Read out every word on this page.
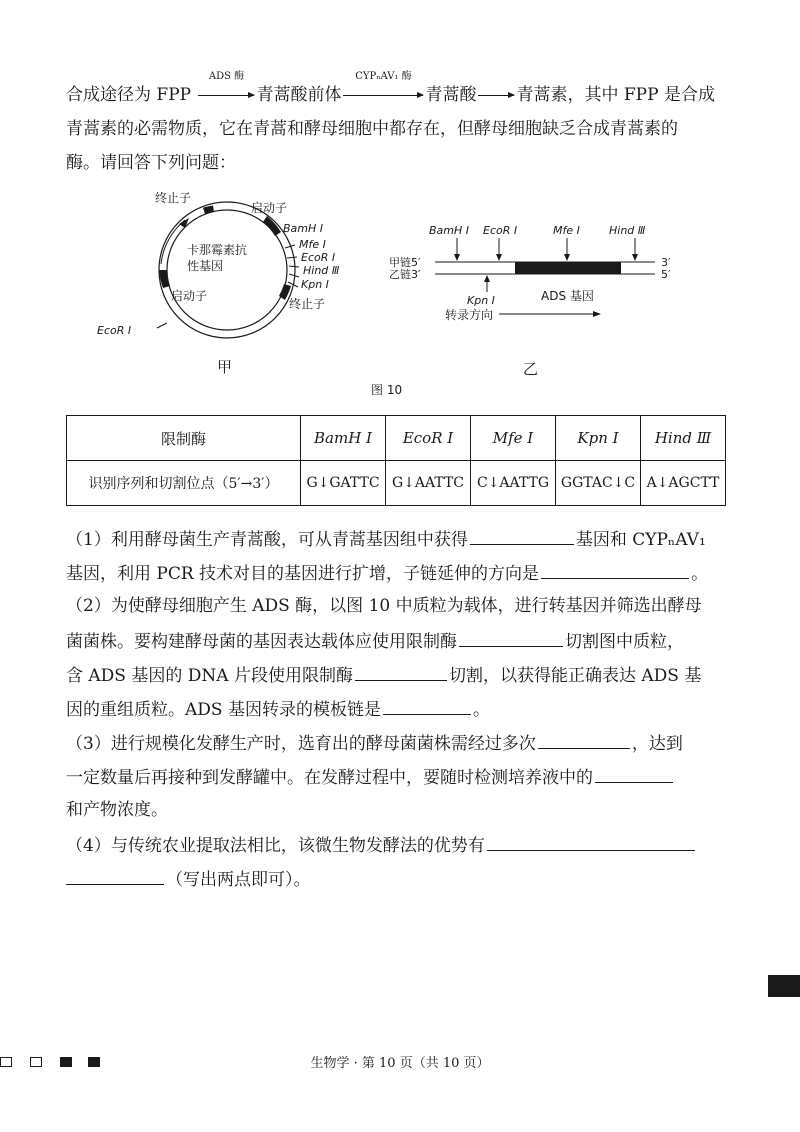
合成途径为 FPP
ADS 酶
青蒿酸前体
CYPₙAV₁ 酶
青蒿酸 青蒿素，其中 FPP 是合成
青蒿素的必需物质，它在青蒿和酵母细胞中都存在，但酵母细胞缺乏合成青蒿素的
酶。请回答下列问题：
终止子
启动子
卡那霉素抗
性基因
启动子
BamH Ⅰ
Mfe Ⅰ
EcoR Ⅰ
Hind Ⅲ
Kpn Ⅰ
终止子
EcoR Ⅰ
甲
BamH Ⅰ EcoR Ⅰ	Mfe Ⅰ	Hind Ⅲ
甲链5′
乙链3′
3′
5′
Kpn Ⅰ	ADS 基因
转录方向
乙
图 10
限制酶	BamH Ⅰ	EcoR Ⅰ	Mfe Ⅰ	Kpn Ⅰ	Hind Ⅲ
识别序列和切割位点（5′→3′）	G↓GATTC	G↓AATTC	C↓AATTG	GGTAC↓C	A↓AGCTT
（1）利用酵母菌生产青蒿酸，可从青蒿基因组中获得	基因和 CYPₙAV₁
基因，利用 PCR 技术对目的基因进行扩增，子链延伸的方向是	。
（2）为使酵母细胞产生 ADS 酶，以图 10 中质粒为载体，进行转基因并筛选出酵母
菌菌株。要构建酵母菌的基因表达载体应使用限制酶	切割图中质粒，
含 ADS 基因的 DNA 片段使用限制酶	切割，以获得能正确表达 ADS 基
因的重组质粒。ADS 基因转录的模板链是	。
（3）进行规模化发酵生产时，选育出的酵母菌菌株需经过多次	，达到
一定数量后再接种到发酵罐中。在发酵过程中，要随时检测培养液中的
和产物浓度。
（4）与传统农业提取法相比，该微生物发酵法的优势有
（写出两点即可）。
生物学 · 第 10 页（共 10 页）
